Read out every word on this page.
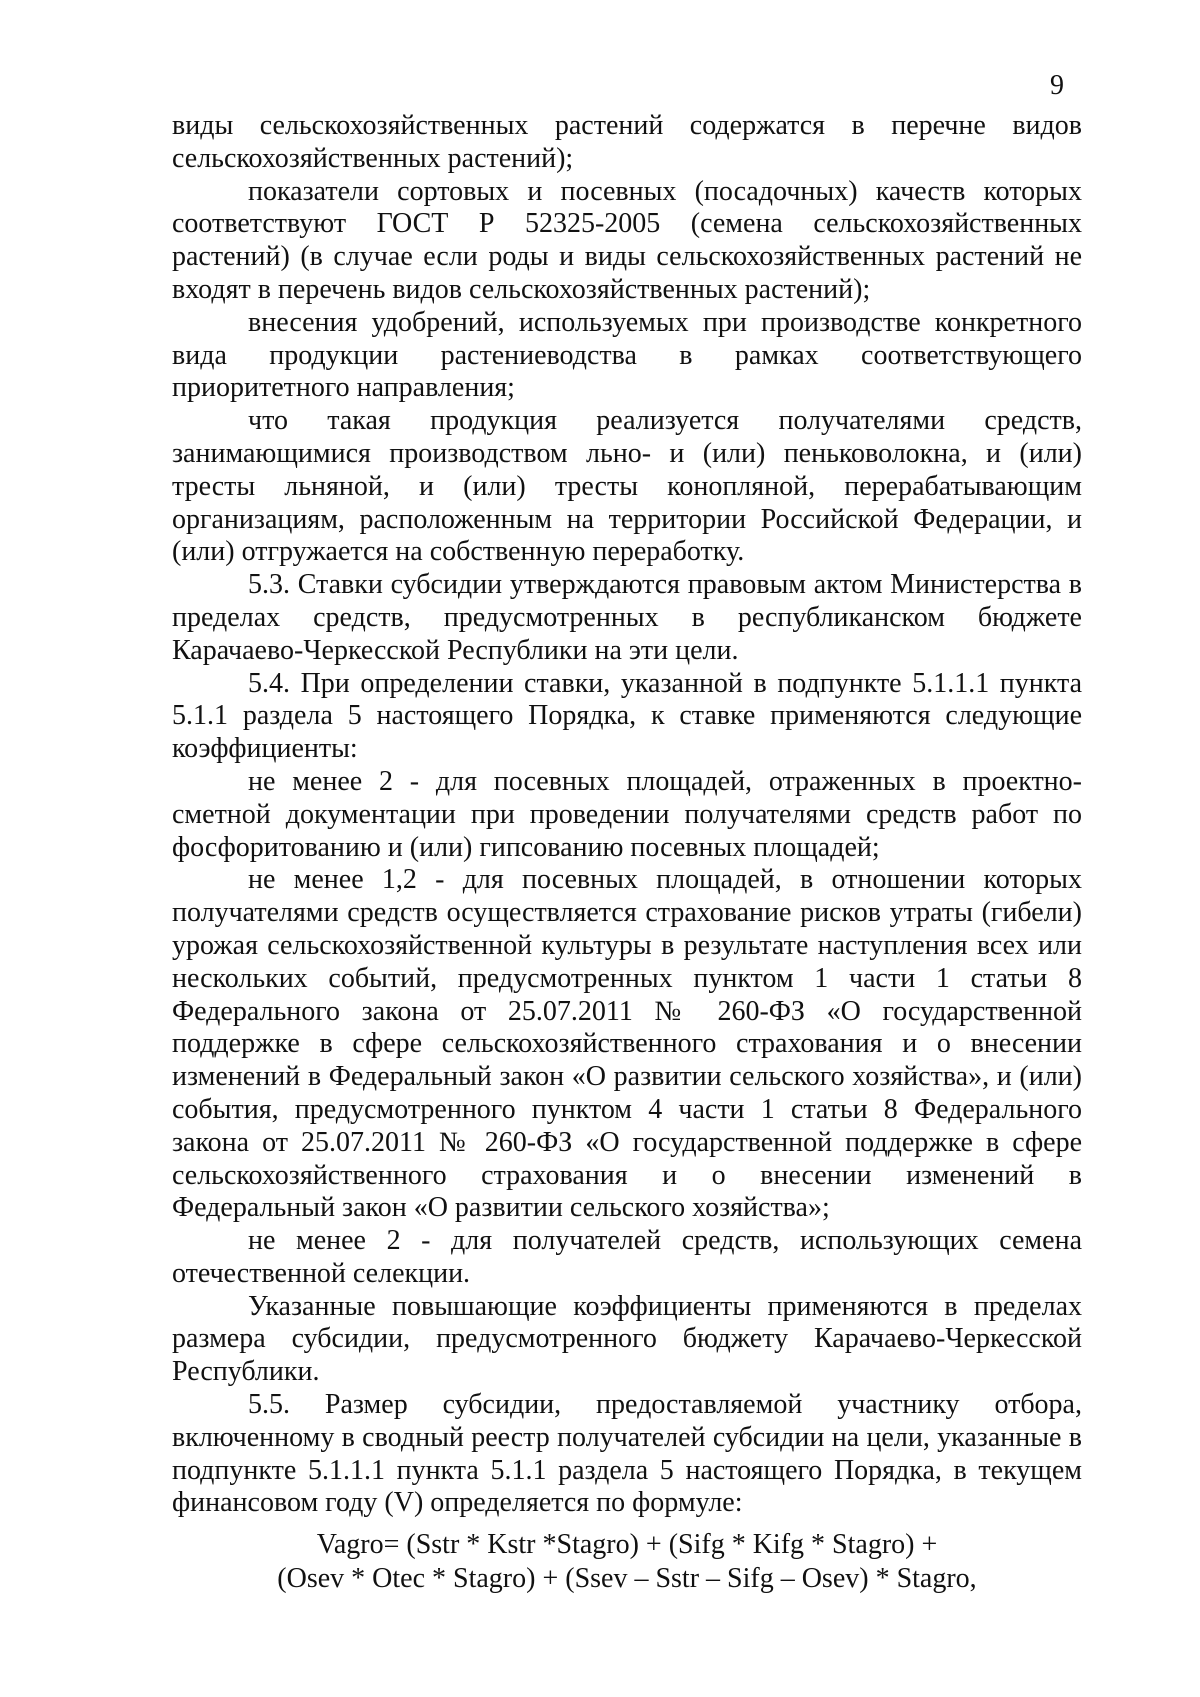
9

виды сельскохозяйственных растений содержатся в перечне видов сельскохозяйственных растений);

показатели сортовых и посевных (посадочных) качеств которых соответствуют ГОСТ Р 52325-2005 (семена сельскохозяйственных растений) (в случае если роды и виды сельскохозяйственных растений не входят в перечень видов сельскохозяйственных растений);

внесения удобрений, используемых при производстве конкретного вида продукции растениеводства в рамках соответствующего приоритетного направления;

что такая продукция реализуется получателями средств, занимающимися производством льно- и (или) пеньковолокна, и (или) тресты льняной, и (или) тресты конопляной, перерабатывающим организациям, расположенным на территории Российской Федерации, и (или) отгружается на собственную переработку.

5.3. Ставки субсидии утверждаются правовым актом Министерства в пределах средств, предусмотренных в республиканском бюджете Карачаево-Черкесской Республики на эти цели.

5.4. При определении ставки, указанной в подпункте 5.1.1.1 пункта 5.1.1 раздела 5 настоящего Порядка, к ставке применяются следующие коэффициенты:

не менее 2 - для посевных площадей, отраженных в проектно-сметной документации при проведении получателями средств работ по фосфоритованию и (или) гипсованию посевных площадей;

не менее 1,2 - для посевных площадей, в отношении которых получателями средств осуществляется страхование рисков утраты (гибели) урожая сельскохозяйственной культуры в результате наступления всех или нескольких событий, предусмотренных пунктом 1 части 1 статьи 8 Федерального закона от 25.07.2011 № 260-ФЗ «О государственной поддержке в сфере сельскохозяйственного страхования и о внесении изменений в Федеральный закон «О развитии сельского хозяйства», и (или) события, предусмотренного пунктом 4 части 1 статьи 8 Федерального закона от 25.07.2011 № 260-ФЗ «О государственной поддержке в сфере сельскохозяйственного страхования и о внесении изменений в Федеральный закон «О развитии сельского хозяйства»;

не менее 2 - для получателей средств, использующих семена отечественной селекции.

Указанные повышающие коэффициенты применяются в пределах размера субсидии, предусмотренного бюджету Карачаево-Черкесской Республики.

5.5. Размер субсидии, предоставляемой участнику отбора, включенному в сводный реестр получателей субсидии на цели, указанные в подпункте 5.1.1.1 пункта 5.1.1 раздела 5 настоящего Порядка, в текущем финансовом году (V) определяется по формуле:

Vagro= (Sstr * Kstr *Stagro) + (Sifg * Kifg * Stagro) +
(Osev * Otec * Stagro) + (Ssev – Sstr – Sifg – Osev) * Stagro,
